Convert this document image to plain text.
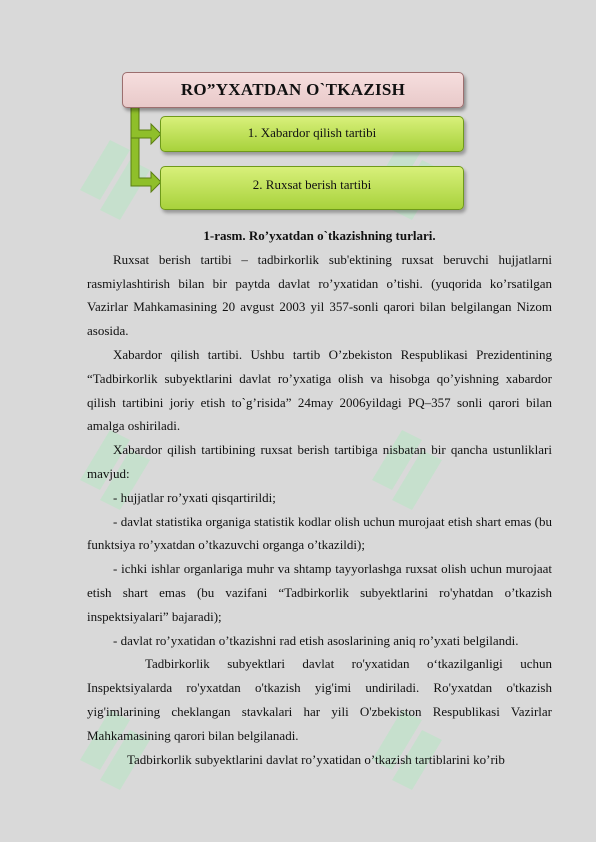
RO”YXATDAN O`TKAZISH
1. Xabardor qilish tartibi
2. Ruxsat berish tartibi

1-rasm. Ro’yxatdan o`tkazishning turlari.

Ruxsat berish tartibi – tadbirkorlik sub'ektining ruxsat beruvchi hujjatlarni rasmiylashtirish bilan bir paytda davlat ro’yxatidan o’tishi. (yuqorida ko’rsatilgan Vazirlar Mahkamasining 20 avgust 2003 yil 357-sonli qarori bilan belgilangan Nizom asosida.

Xabardor qilish tartibi. Ushbu tartib O’zbekiston Respublikasi Prezidentining “Tadbirkorlik subyektlarini davlat ro’yxatiga olish va hisobga qo’yishning xabardor qilish tartibini joriy etish to`g’risida” 24may 2006yildagi PQ–357 sonli qarori bilan amalga oshiriladi.

Xabardor qilish tartibining ruxsat berish tartibiga nisbatan bir qancha ustunliklari mavjud:

- hujjatlar ro’yxati qisqartirildi;

- davlat statistika organiga statistik kodlar olish uchun murojaat etish shart emas (bu funktsiya ro’yxatdan o’tkazuvchi organga o’tkazildi);

- ichki ishlar organlariga muhr va shtamp tayyorlashga ruxsat olish uchun murojaat etish shart emas (bu vazifani “Tadbirkorlik subyektlarini ro'yhatdan o’tkazish inspektsiyalari” bajaradi);

- davlat ro’yxatidan o’tkazishni rad etish asoslarining aniq ro’yxati belgilandi.

Tadbirkorlik subyektlari davlat ro'yxatidan o‘tkazilganligi uchun Inspektsiyalarda ro'yxatdan o'tkazish yig'imi undiriladi. Ro'yxatdan o'tkazish yig'imlarining cheklangan stavkalari har yili O'zbekiston Respublikasi Vazirlar Mahkamasining qarori bilan belgilanadi.

Tadbirkorlik subyektlarini davlat ro’yxatidan o’tkazish tartiblarini ko’rib
